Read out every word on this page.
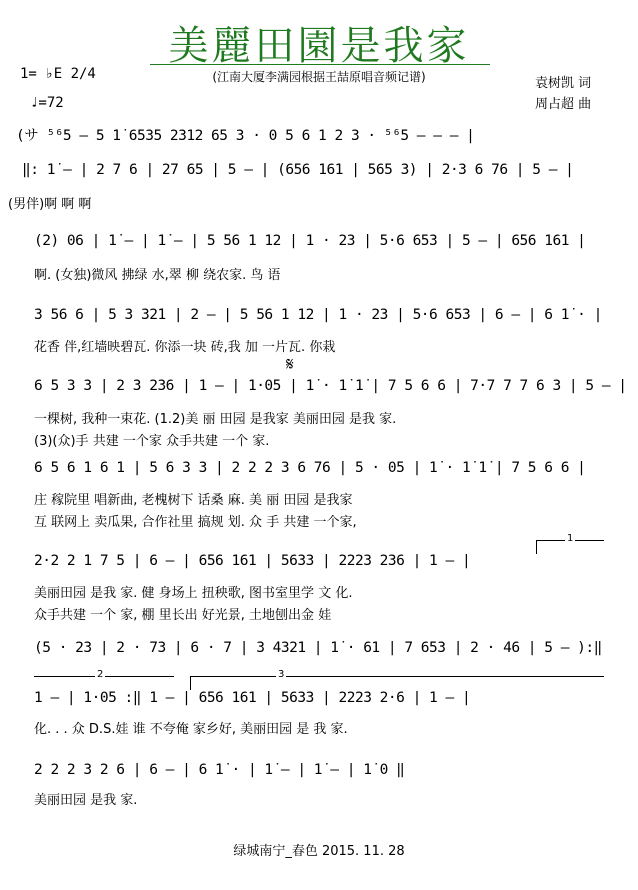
美麗田園是我家
(江南大厦李满园根据王喆原唱音频记谱)
1= ♭E 2/4
♩=72
袁树凯 词
周占超 曲
(サ ⁵⁶5 – 5 1̇ 6535 2312 65 3 · 0 5 6 1 2 3 · ⁵⁶5 – – – |
‖: 1̇ – | 2 7 6 | 27 65 | 5 – | (656 161 | 565 3) | 2·3 6 76 | 5 – |
(男伴)啊 啊 啊
(2) 06 | 1̇ – | 1̇ – | 5 56 1 12 | 1 · 23 | 5·6 653 | 5 – | 656 161 |
啊. (女独)微风 拂绿 水,翠 柳 绕农家. 鸟 语
3 56 6 | 5 3 321 | 2 – | 5 56 1 12 | 1 · 23 | 5·6 653 | 6 – | 6 1̇ · |
花香 伴,红墙映碧瓦. 你添一块 砖,我 加 一片瓦. 你栽
𝄋
6 5 3 3 | 2 3 236 | 1 – | 1·05 | 1̇ · 1̇ 1̇ | 7 5 6 6 | 7·7 7 7 6 3 | 5 – |
一棵树, 我种一束花. (1.2)美 丽 田园 是我家 美丽田园 是我 家.
(3)(众)手 共建 一个家 众手共建 一个 家.
6 5 6 1 6 1 | 5 6 3 3 | 2 2 2 3 6 76 | 5 · 05 | 1̇ · 1̇ 1̇ | 7 5 6 6 |
庄 稼院里 唱新曲, 老槐树下 话桑 麻. 美 丽 田园 是我家
互 联网上 卖瓜果, 合作社里 搞规 划. 众 手 共建 一个家,
1
2·2 2 1 7 5 | 6 – | 656 161 | 5633 | 2223 236 | 1 – |
美丽田园 是我 家. 健 身场上 扭秧歌, 图书室里学 文 化.
众手共建 一个 家, 棚 里长出 好光景, 土地刨出金 娃
(5 · 23 | 2 · 73 | 6 · 7 | 3 4321 | 1̇ · 61 | 7 653 | 2 · 46 | 5 – ):‖
2	3
1 – | 1·05 :‖ 1 – | 656 161 | 5633 | 2223 2·6 | 1 – |
化. . . 众 D.S.娃 谁 不夸俺 家乡好, 美丽田园 是 我 家.
2 2 2 3 2 6 | 6 – | 6 1̇ · | 1̇ – | 1̇ – | 1̇ 0 ‖
美丽田园 是我 家.
绿城南宁_春色 2015. 11. 28
